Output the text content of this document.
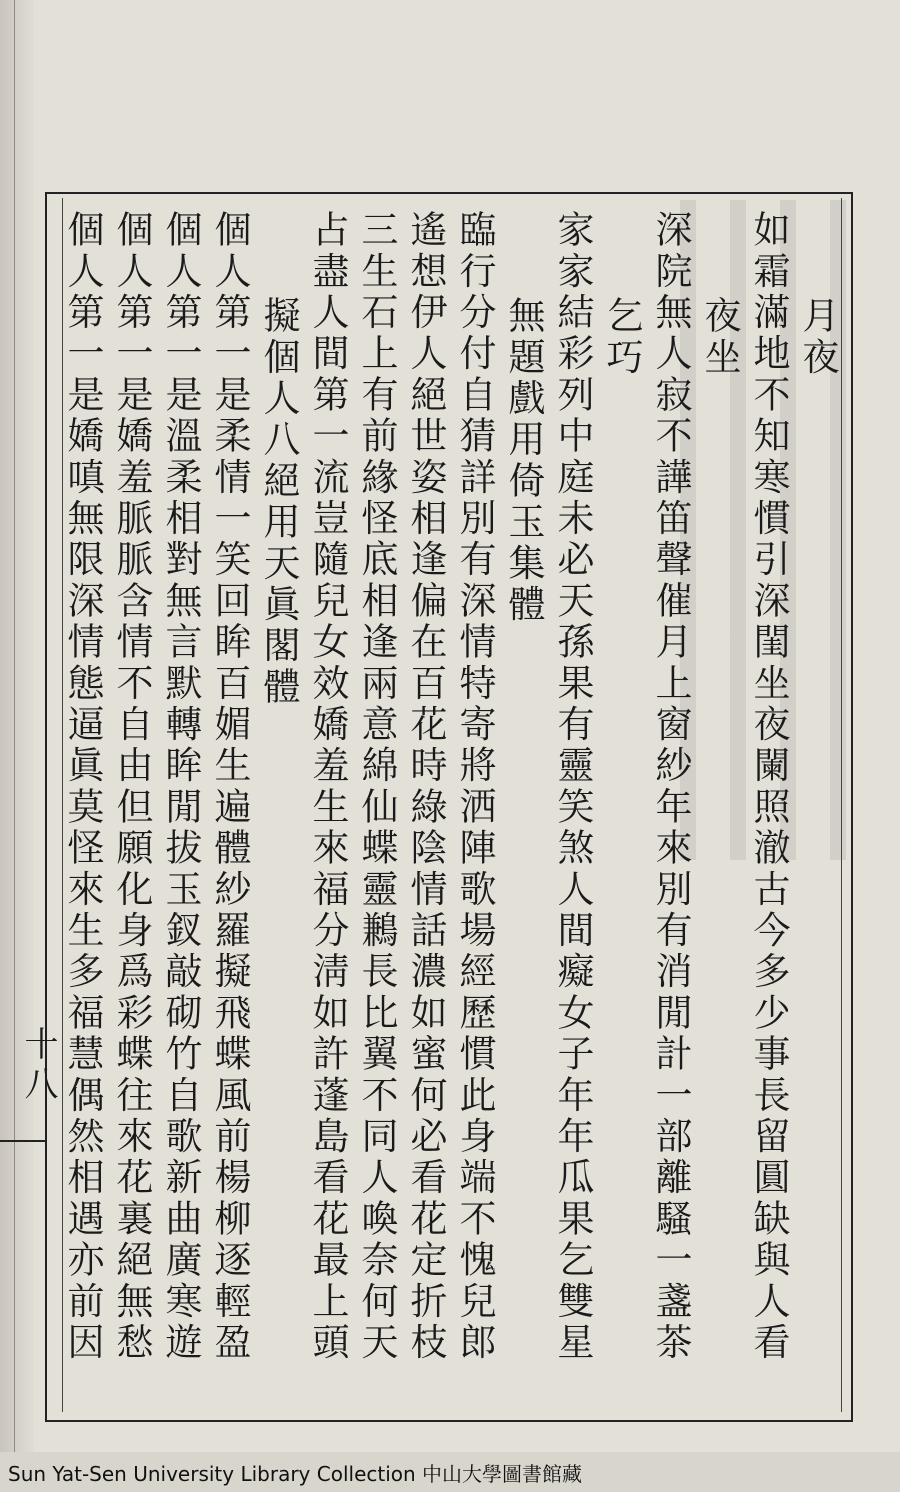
月夜
如霜滿地不知寒慣引深閨坐夜闌照澈古今多少事長留圓缺與人看
夜坐
深院無人寂不譁笛聲催月上窗紗年來別有消閒計一部離騷一盞茶
乞巧
家家結彩列中庭未必天孫果有靈笑煞人間癡女子年年瓜果乞雙星
無題戲用倚玉集體
臨行分付自猜詳別有深情特寄將洒陣歌場經歷慣此身端不愧兒郎
遙想伊人絕世姿相逢偏在百花時綠陰情話濃如蜜何必看花定折枝
三生石上有前緣怪底相逢兩意綿仙蝶靈鶼長比翼不同人喚奈何天
占盡人間第一流豈隨兒女效嬌羞生來福分淸如許蓬島看花最上頭
擬個人八絕用天眞閣體
個人第一是柔情一笑回眸百媚生遍體紗羅擬飛蝶風前楊柳逐輕盈
個人第一是溫柔相對無言默轉眸閒拔玉釵敲砌竹自歌新曲廣寒遊
個人第一是嬌羞脈脈含情不自由但願化身爲彩蝶往來花裏絕無愁
個人第一是嬌嗔無限深情態逼眞莫怪來生多福慧偶然相遇亦前因
十八
Sun Yat-Sen University Library Collection 中山大學圖書館藏
